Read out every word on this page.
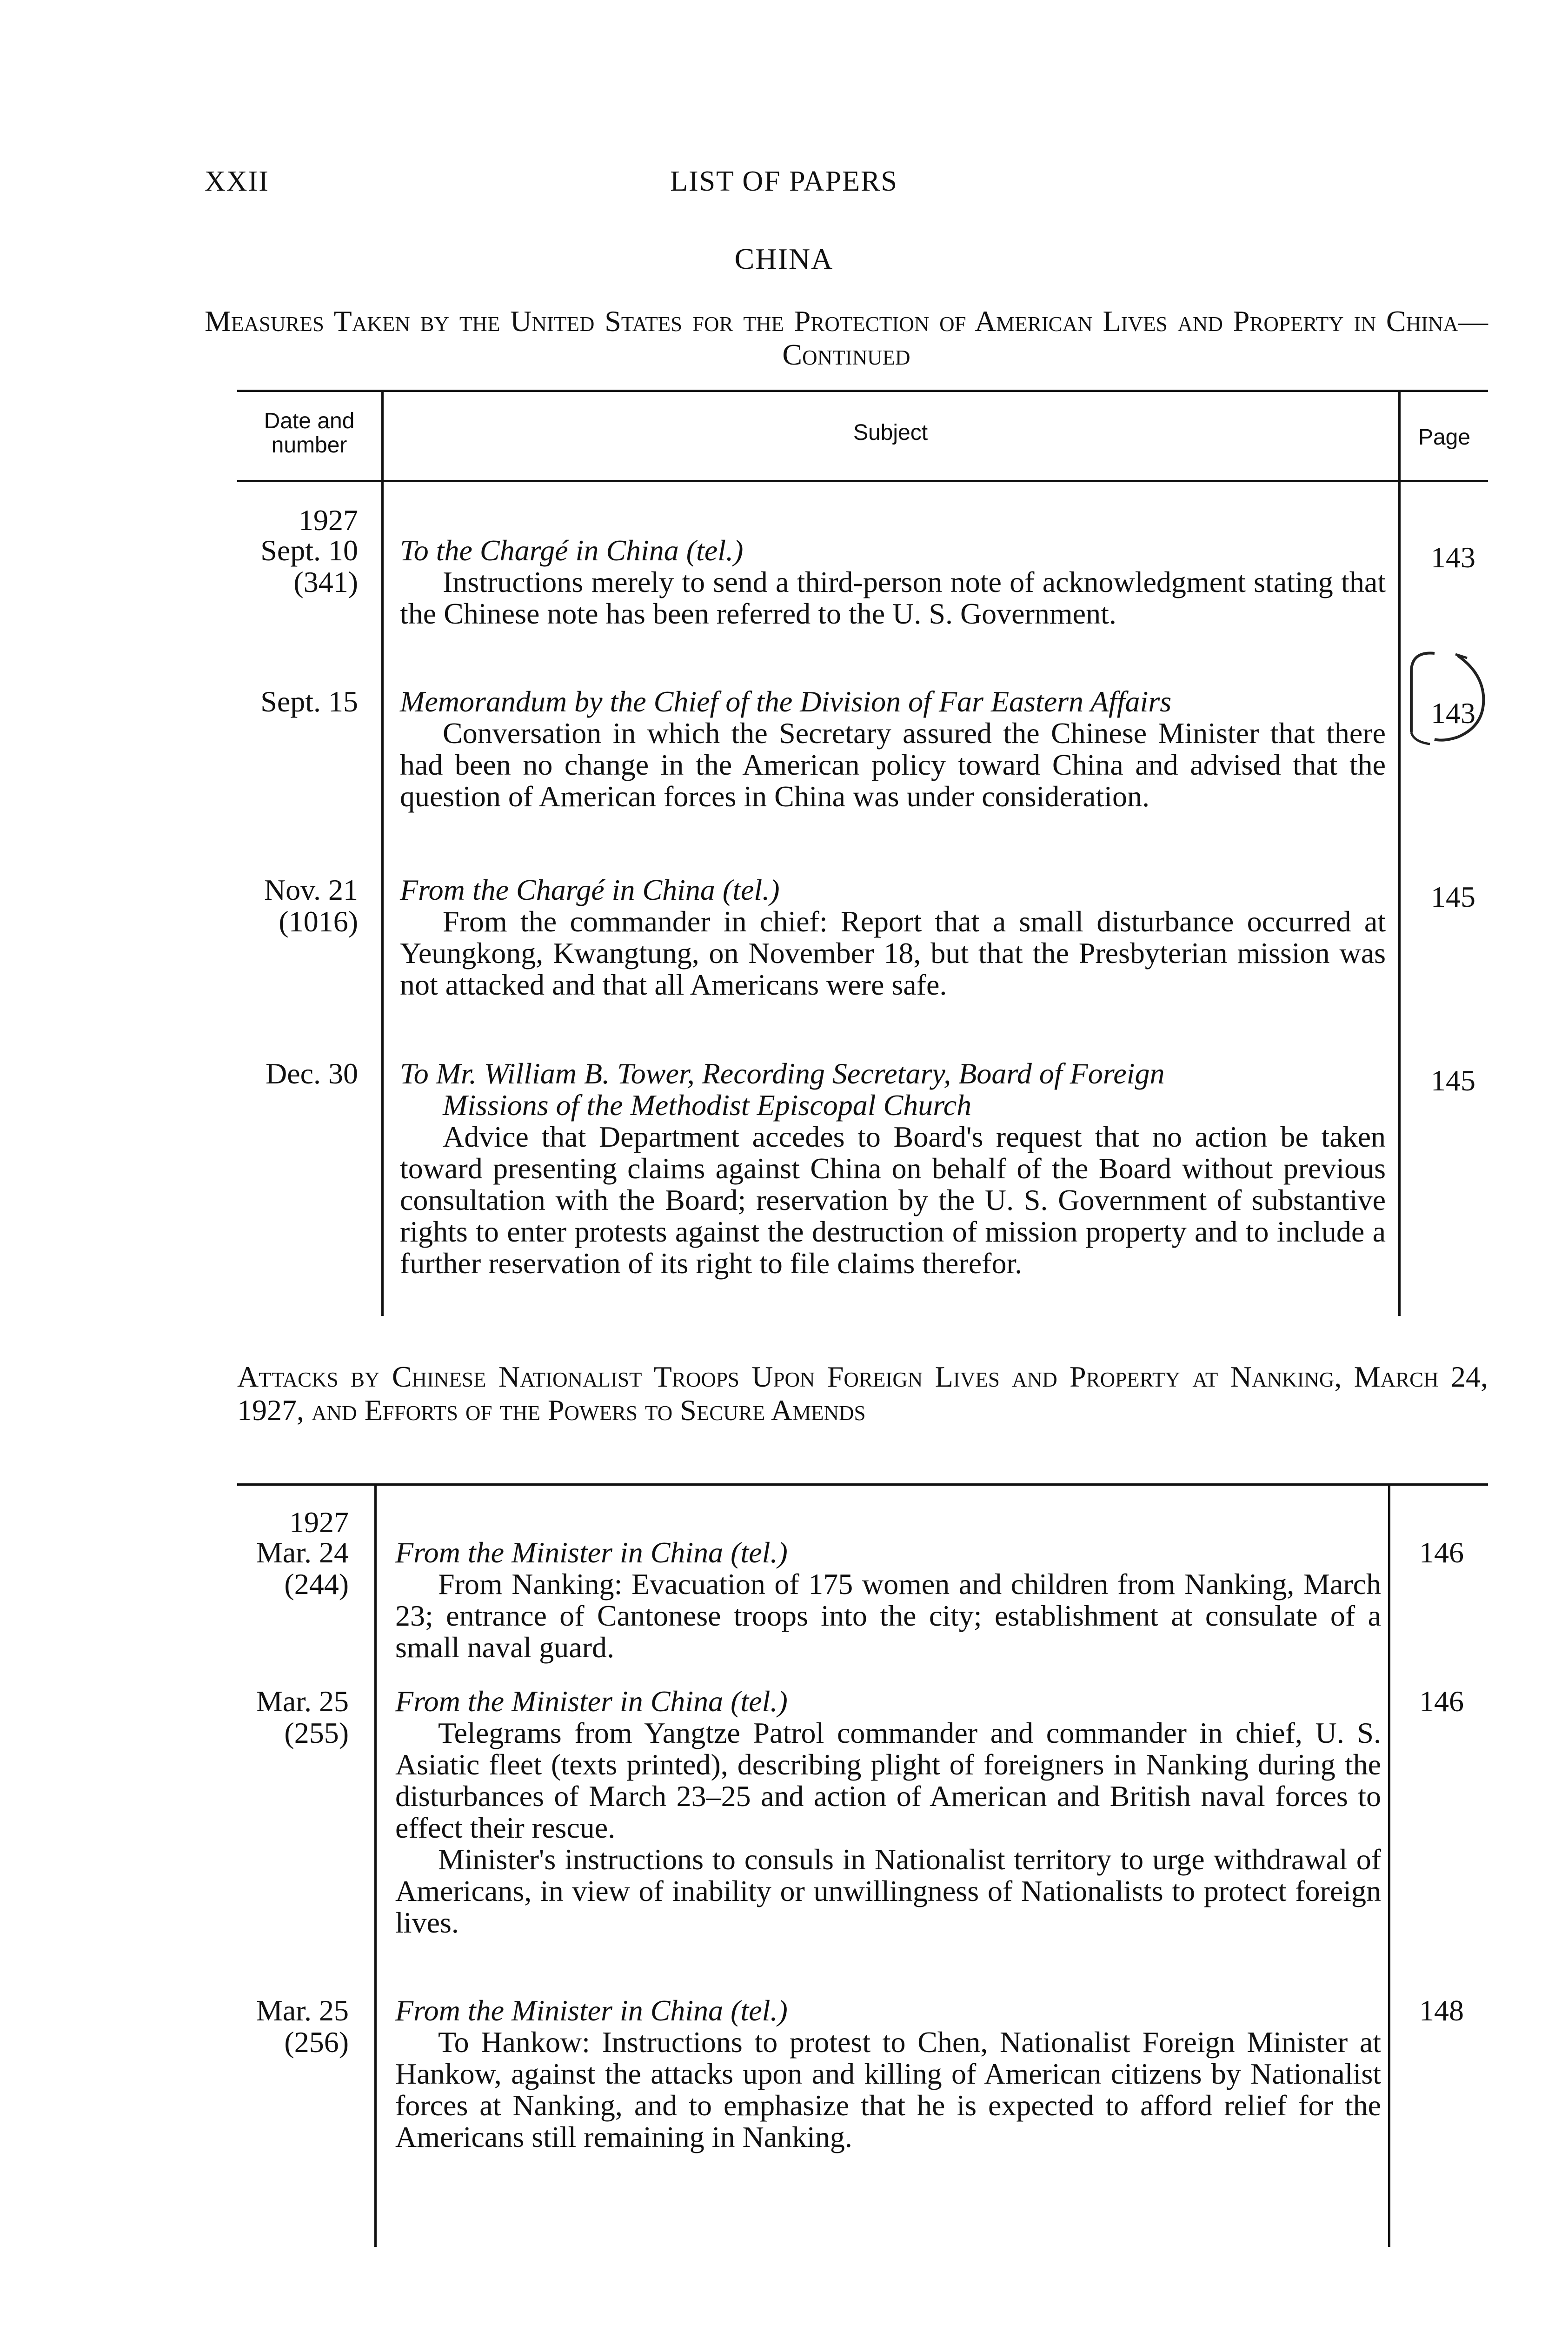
XXII	LIST OF PAPERS
CHINA
Measures Taken by the United States for the Protection of American Lives and Property in China—Continued
Date and number
Subject	Page
1927
Sept. 10
(341)
To the Chargé in China (tel.)
Instructions merely to send a third-person note of acknowledgment stating that the Chinese note has been referred to the U. S. Government.
143
Sept. 15 Memorandum by the Chief of the Division of Far Eastern Affairs
Conversation in which the Secretary assured the Chinese Minister that there had been no change in the American policy toward China and advised that the question of American forces in China was under consideration.
143
Nov. 21
(1016)
From the Chargé in China (tel.)
From the commander in chief: Report that a small disturbance occurred at Yeungkong, Kwangtung, on November 18, but that the Presbyterian mission was not attacked and that all Americans were safe.
145
Dec. 30 To Mr. William B. Tower, Recording Secretary, Board of Foreign
Missions of the Methodist Episcopal Church
Advice that Department accedes to Board's request that no action be taken toward presenting claims against China on behalf of the Board without previous consultation with the Board; reservation by the U. S. Government of substantive rights to enter protests against the destruction of mission property and to include a further reservation of its right to file claims therefor.
145
Attacks by Chinese Nationalist Troops Upon Foreign Lives and Property at Nanking, March 24, 1927, and Efforts of the Powers to Secure Amends
1927
Mar. 24
(244)
From the Minister in China (tel.)
From Nanking: Evacuation of 175 women and children from Nanking, March 23; entrance of Cantonese troops into the city; establishment at consulate of a small naval guard.
146
Mar. 25
(255)
From the Minister in China (tel.)
Telegrams from Yangtze Patrol commander and commander in chief, U. S. Asiatic fleet (texts printed), describing plight of foreigners in Nanking during the disturbances of March 23–25 and action of American and British naval forces to effect their rescue.
Minister's instructions to consuls in Nationalist territory to urge withdrawal of Americans, in view of inability or unwillingness of Nationalists to protect foreign lives.
146
Mar. 25
(256)
From the Minister in China (tel.)
To Hankow: Instructions to protest to Chen, Nationalist Foreign Minister at Hankow, against the attacks upon and killing of American citizens by Nationalist forces at Nanking, and to emphasize that he is expected to afford relief for the Americans still remaining in Nanking.
148
